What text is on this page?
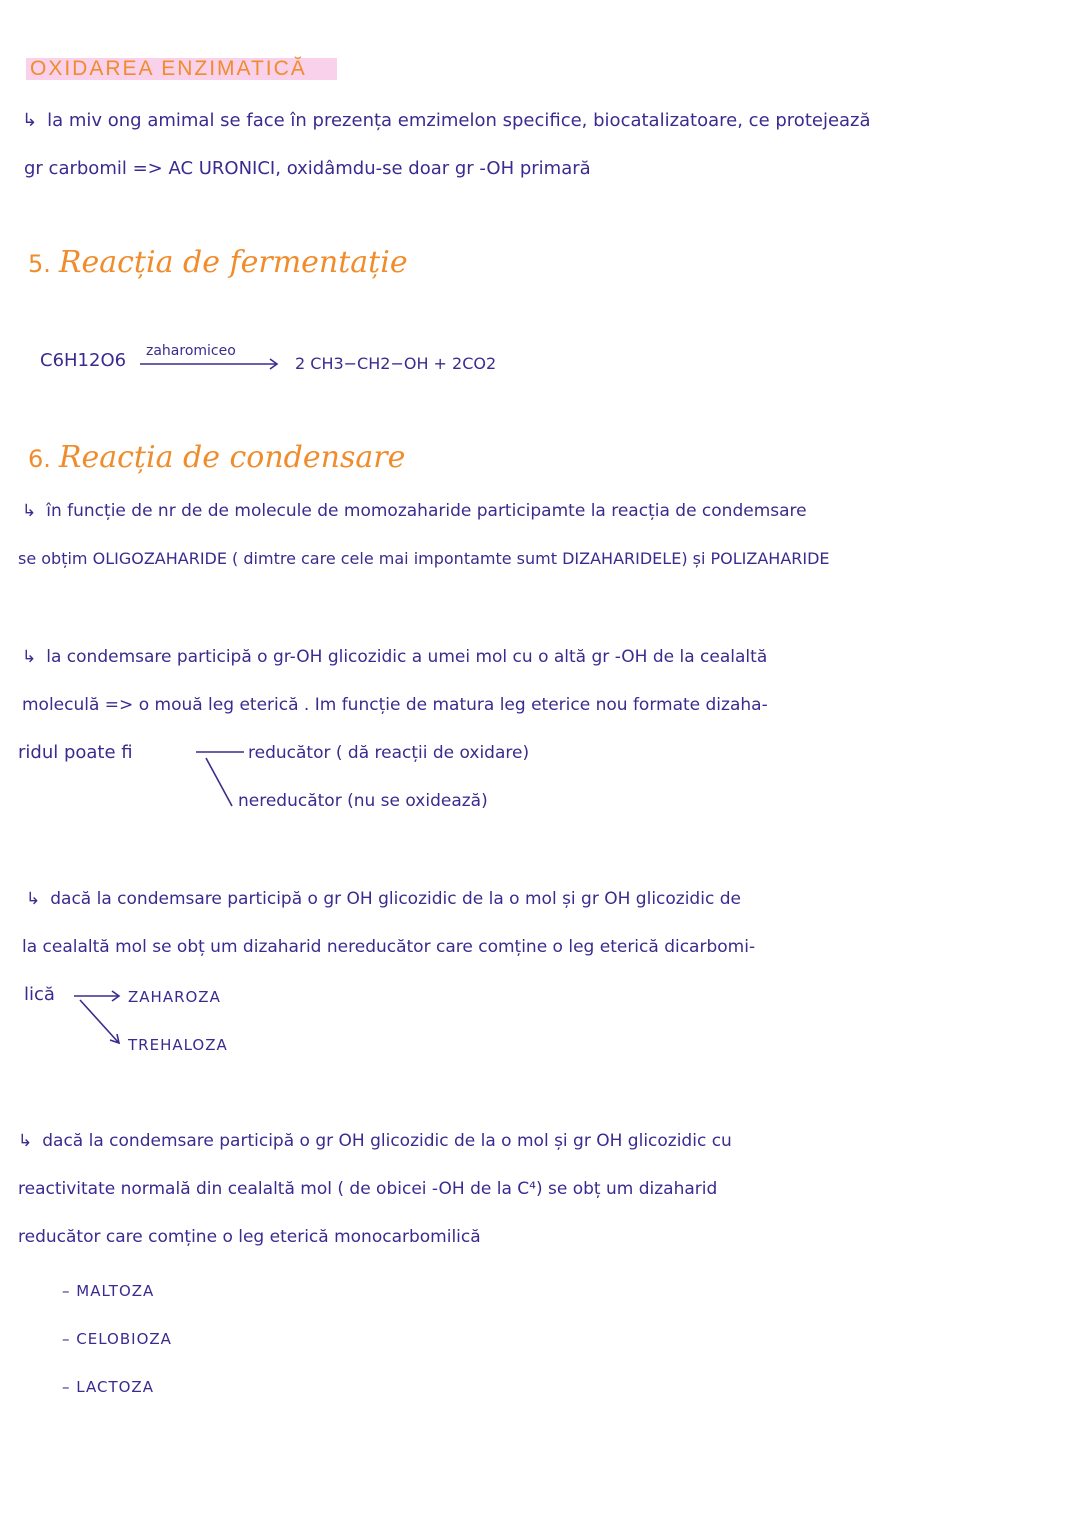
OXIDAREA ENZIMATICĂ
↳ la miv ong amimal se face în prezența emzimelon specifice, biocatalizatoare, ce protejează
gr carbomil => AC URONICI, oxidâmdu-se doar gr -OH primară
5. Reacția de fermentație
C6H12O6 zaharomiceo
2 CH3−CH2−OH + 2CO2
6. Reacția de condensare
↳ în funcție de nr de de molecule de momozaharide participamte la reacția de condemsare
se obțim OLIGOZAHARIDE ( dimtre care cele mai impontamte sumt DIZAHARIDELE) și POLIZAHARIDE
↳ la condemsare participă o gr-OH glicozidic a umei mol cu o altă gr -OH de la cealaltă
moleculă => o mouă leg eterică . Im funcție de matura leg eterice nou formate dizaha-
ridul poate fi	reducător ( dă reacții de oxidare)
nereducător (nu se oxidează)
↳ dacă la condemsare participă o gr OH glicozidic de la o mol și gr OH glicozidic de
la cealaltă mol se obț um dizaharid nereducător care comține o leg eterică dicarbomi-
lică	ZAHAROZA
TREHALOZA
↳ dacă la condemsare participă o gr OH glicozidic de la o mol și gr OH glicozidic cu
reactivitate normală din cealaltă mol ( de obicei -OH de la C⁴) se obț um dizaharid
reducător care comține o leg eterică monocarbomilică
– MALTOZA
– CELOBIOZA
– LACTOZA
